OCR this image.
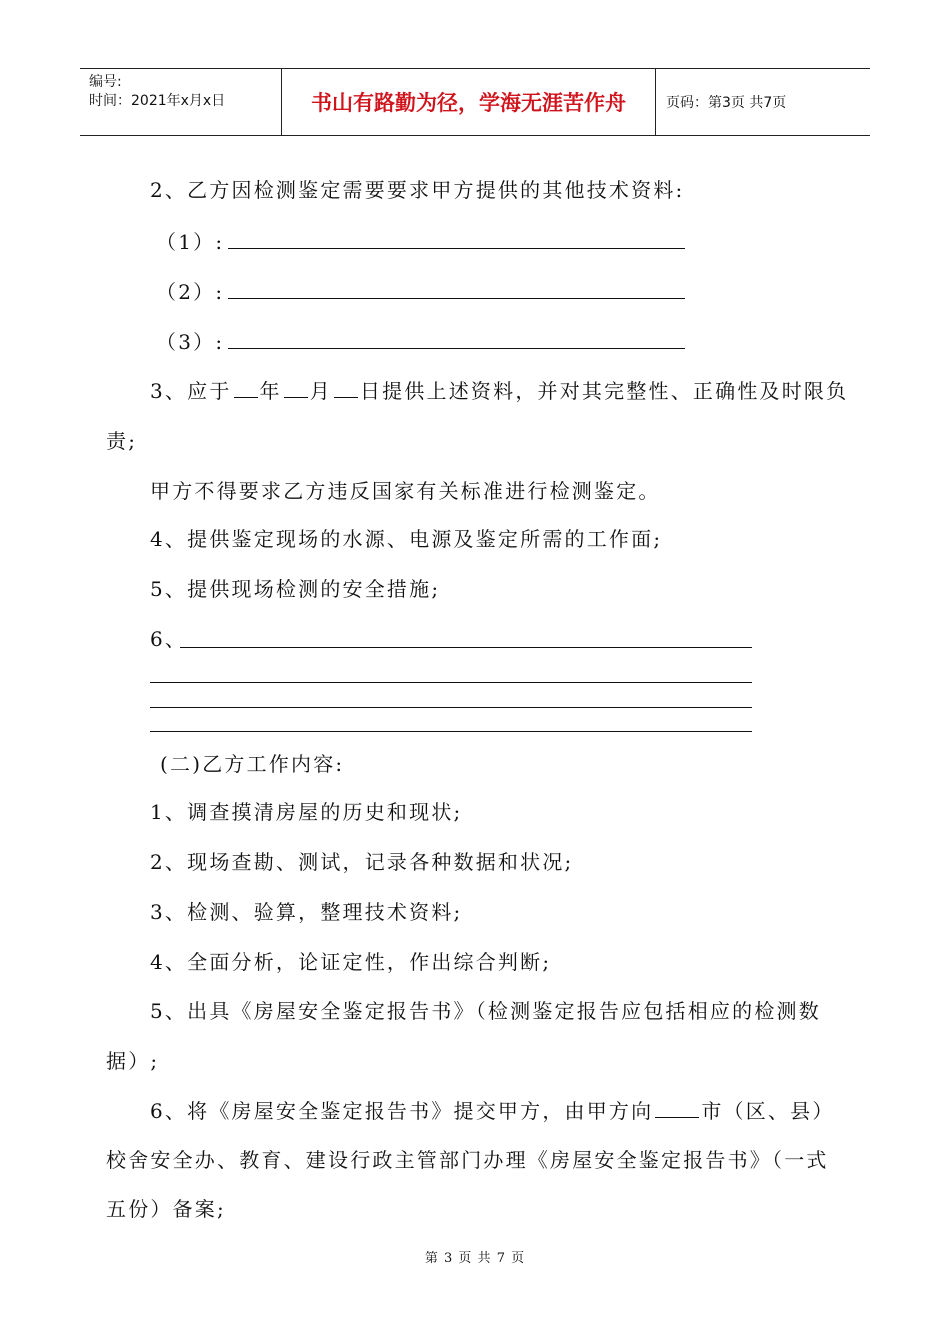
编号:
时间：2021年x月x日	书山有路勤为径，学海无涯苦作舟	页码：第3页 共7页
2、乙方因检测鉴定需要要求甲方提供的其他技术资料:
（1）:
（2）:
（3）:
3、应于 年 月 日提供上述资料，并对其完整性、正确性及时限负
责;
甲方不得要求乙方违反国家有关标准进行检测鉴定。
4、提供鉴定现场的水源、电源及鉴定所需的工作面;
5、提供现场检测的安全措施;
6、
(二)乙方工作内容:
1、调查摸清房屋的历史和现状;
2、现场查勘、测试，记录各种数据和状况;
3、检测、验算，整理技术资料;
4、全面分析，论证定性，作出综合判断;
5、出具《房屋安全鉴定报告书》（检测鉴定报告应包括相应的检测数
据）;
6、将《房屋安全鉴定报告书》提交甲方，由甲方向 市（区、县）
校舍安全办、教育、建设行政主管部门办理《房屋安全鉴定报告书》（一式
五份）备案;
第 3 页 共 7 页
